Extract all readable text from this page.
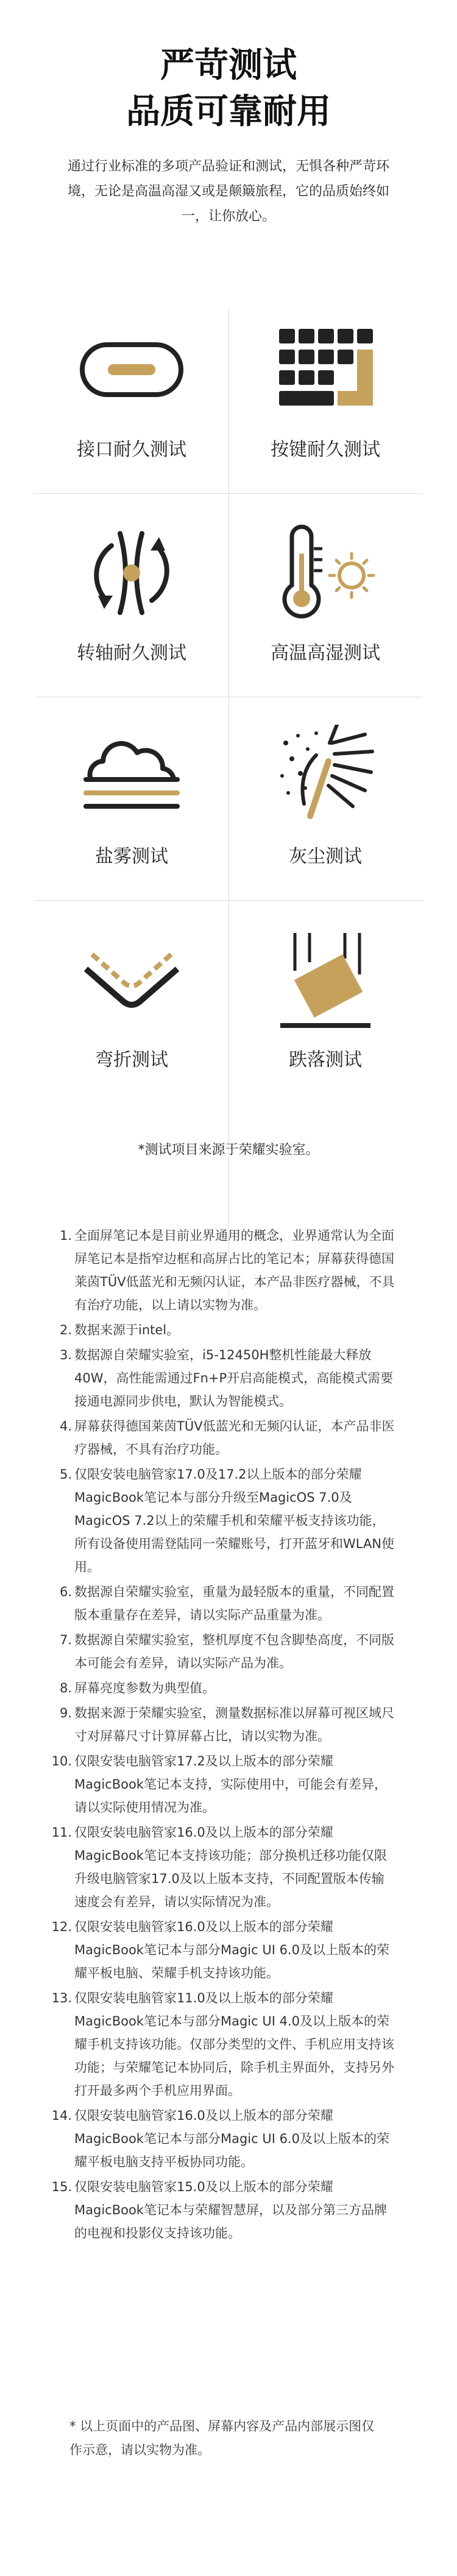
严苛测试
品质可靠耐用

通过行业标准的多项产品验证和测试，无惧各种严苛环境，无论是高温高湿又或是颠簸旅程，它的品质始终如一，让你放心。

接口耐久测试	按键耐久测试
转轴耐久测试	高温高湿测试
盐雾测试	灰尘测试
弯折测试	跌落测试

*测试项目来源于荣耀实验室。

1. 全面屏笔记本是目前业界通用的概念，业界通常认为全面屏笔记本是指窄边框和高屏占比的笔记本；屏幕获得德国莱茵TÜV低蓝光和无频闪认证，本产品非医疗器械，不具有治疗功能，以上请以实物为准。
2. 数据来源于intel。
3. 数据源自荣耀实验室，i5-12450H整机性能最大释放40W，高性能需通过Fn+P开启高能模式，高能模式需要接通电源同步供电，默认为智能模式。
4. 屏幕获得德国莱茵TÜV低蓝光和无频闪认证，本产品非医疗器械，不具有治疗功能。
5. 仅限安装电脑管家17.0及17.2以上版本的部分荣耀MagicBook笔记本与部分升级至MagicOS 7.0及MagicOS 7.2以上的荣耀手机和荣耀平板支持该功能，所有设备使用需登陆同一荣耀账号，打开蓝牙和WLAN使用。
6. 数据源自荣耀实验室，重量为最轻版本的重量，不同配置版本重量存在差异，请以实际产品重量为准。
7. 数据源自荣耀实验室，整机厚度不包含脚垫高度，不同版本可能会有差异，请以实际产品为准。
8. 屏幕亮度参数为典型值。
9. 数据来源于荣耀实验室，测量数据标准以屏幕可视区域尺寸对屏幕尺寸计算屏幕占比，请以实物为准。
10. 仅限安装电脑管家17.2及以上版本的部分荣耀MagicBook笔记本支持，实际使用中，可能会有差异，请以实际使用情况为准。
11. 仅限安装电脑管家16.0及以上版本的部分荣耀MagicBook笔记本支持该功能；部分换机迁移功能仅限升级电脑管家17.0及以上版本支持，不同配置版本传输速度会有差异，请以实际情况为准。
12. 仅限安装电脑管家16.0及以上版本的部分荣耀MagicBook笔记本与部分Magic UI 6.0及以上版本的荣耀平板电脑、荣耀手机支持该功能。
13. 仅限安装电脑管家11.0及以上版本的部分荣耀MagicBook笔记本与部分Magic UI 4.0及以上版本的荣耀手机支持该功能。仅部分类型的文件、手机应用支持该功能；与荣耀笔记本协同后，除手机主界面外，支持另外打开最多两个手机应用界面。
14. 仅限安装电脑管家16.0及以上版本的部分荣耀MagicBook笔记本与部分Magic UI 6.0及以上版本的荣耀平板电脑支持平板协同功能。
15. 仅限安装电脑管家15.0及以上版本的部分荣耀MagicBook笔记本与荣耀智慧屏，以及部分第三方品牌的电视和投影仪支持该功能。

* 以上页面中的产品图、屏幕内容及产品内部展示图仅作示意，请以实物为准。
